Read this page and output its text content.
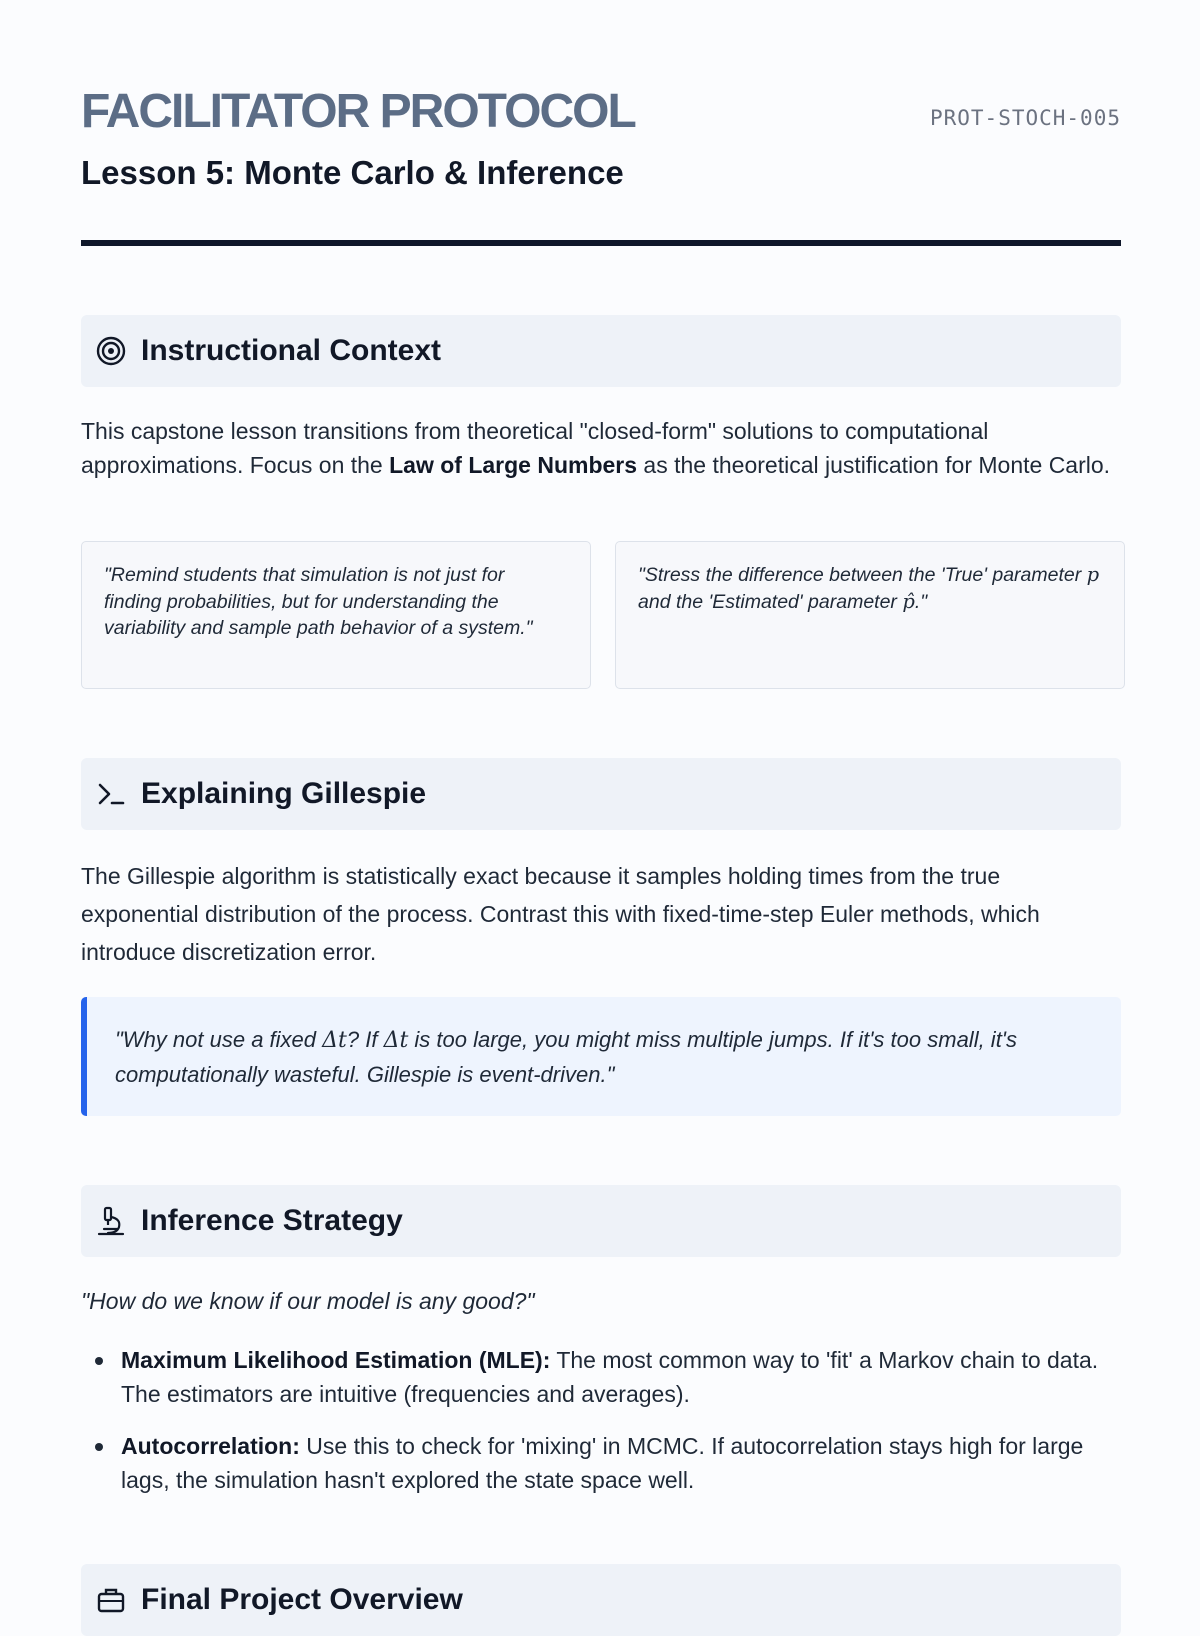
FACILITATOR PROTOCOL	PROT-STOCH-005
Lesson 5: Monte Carlo & Inference
Instructional Context
This capstone lesson transitions from theoretical "closed-form" solutions to computational approximations. Focus on the Law of Large Numbers as the theoretical justification for Monte Carlo.
"Remind students that simulation is not just for finding probabilities, but for understanding the variability and sample path behavior of a system."
"Stress the difference between the 'True' parameter p and the 'Estimated' parameter p̂."
Explaining Gillespie
The Gillespie algorithm is statistically exact because it samples holding times from the true exponential distribution of the process. Contrast this with fixed-time-step Euler methods, which introduce discretization error.
"Why not use a fixed Δt? If Δt is too large, you might miss multiple jumps. If it's too small, it's computationally wasteful. Gillespie is event-driven."
Inference Strategy
"How do we know if our model is any good?"
Maximum Likelihood Estimation (MLE): The most common way to 'fit' a Markov chain to data. The estimators are intuitive (frequencies and averages).
Autocorrelation: Use this to check for 'mixing' in MCMC. If autocorrelation stays high for large lags, the simulation hasn't explored the state space well.
Final Project Overview
